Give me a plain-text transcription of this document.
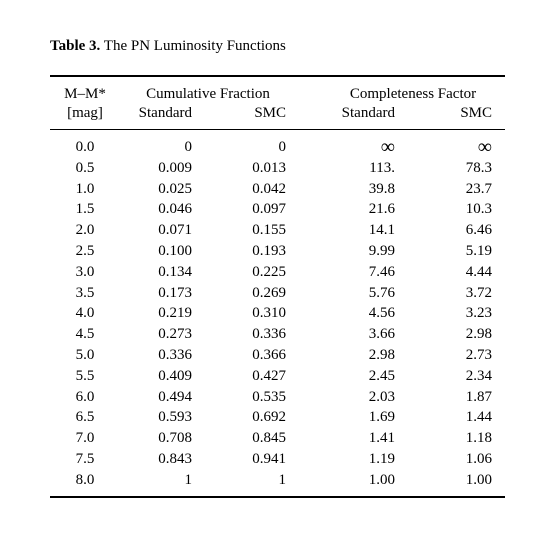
Table 3. The PN Luminosity Functions
M–M*
[mag]
Cumulative Fraction	Completeness Factor
Standard	SMC	Standard	SMC
0.0	0	0	∞	∞
0.5	0.009	0.013	113.	78.3
1.0	0.025	0.042	39.8	23.7
1.5	0.046	0.097	21.6	10.3
2.0	0.071	0.155	14.1	6.46
2.5	0.100	0.193	9.99	5.19
3.0	0.134	0.225	7.46	4.44
3.5	0.173	0.269	5.76	3.72
4.0	0.219	0.310	4.56	3.23
4.5	0.273	0.336	3.66	2.98
5.0	0.336	0.366	2.98	2.73
5.5	0.409	0.427	2.45	2.34
6.0	0.494	0.535	2.03	1.87
6.5	0.593	0.692	1.69	1.44
7.0	0.708	0.845	1.41	1.18
7.5	0.843	0.941	1.19	1.06
8.0	1	1	1.00	1.00
